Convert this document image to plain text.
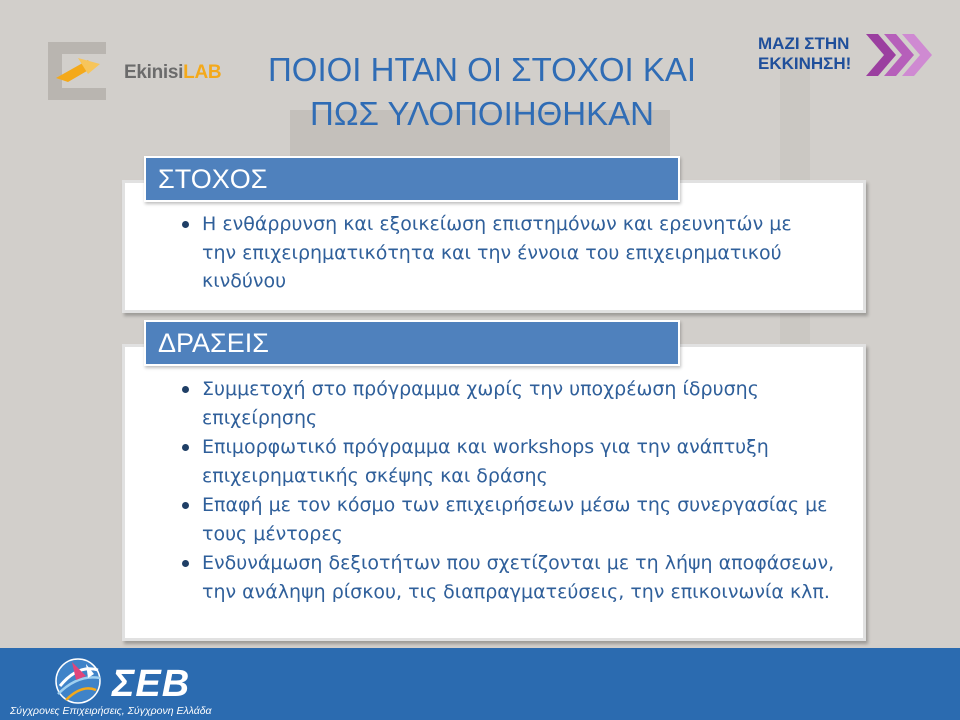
EkinisiLAB	ΠΟΙΟΙ ΗΤΑΝ ΟΙ ΣΤΟΧΟΙ ΚΑΙ
ΠΩΣ ΥΛΟΠΟΙΗΘΗΚΑΝ
ΜΑΖΙ ΣΤΗΝ
ΕΚΚΙΝΗΣΗ!
ΣΤΟΧΟΣ
Η ενθάρρυνση και εξοικείωση επιστημόνων και ερευνητών με την επιχειρηματικότητα και την έννοια του επιχειρηματικού κινδύνου
ΔΡΑΣΕΙΣ
Συμμετοχή στο πρόγραμμα χωρίς την υποχρέωση ίδρυσης επιχείρησης
Επιμορφωτικό πρόγραμμα και workshops για την ανάπτυξη επιχειρηματικής σκέψης και δράσης
Επαφή με τον κόσμο των επιχειρήσεων μέσω της συνεργασίας με τους μέντορες
Ενδυνάμωση δεξιοτήτων που σχετίζονται με τη λήψη αποφάσεων, την ανάληψη ρίσκου, τις διαπραγματεύσεις, την επικοινωνία κλπ.
ΣΕΒ
Σύγχρονες Επιχειρήσεις, Σύγχρονη Ελλάδα
